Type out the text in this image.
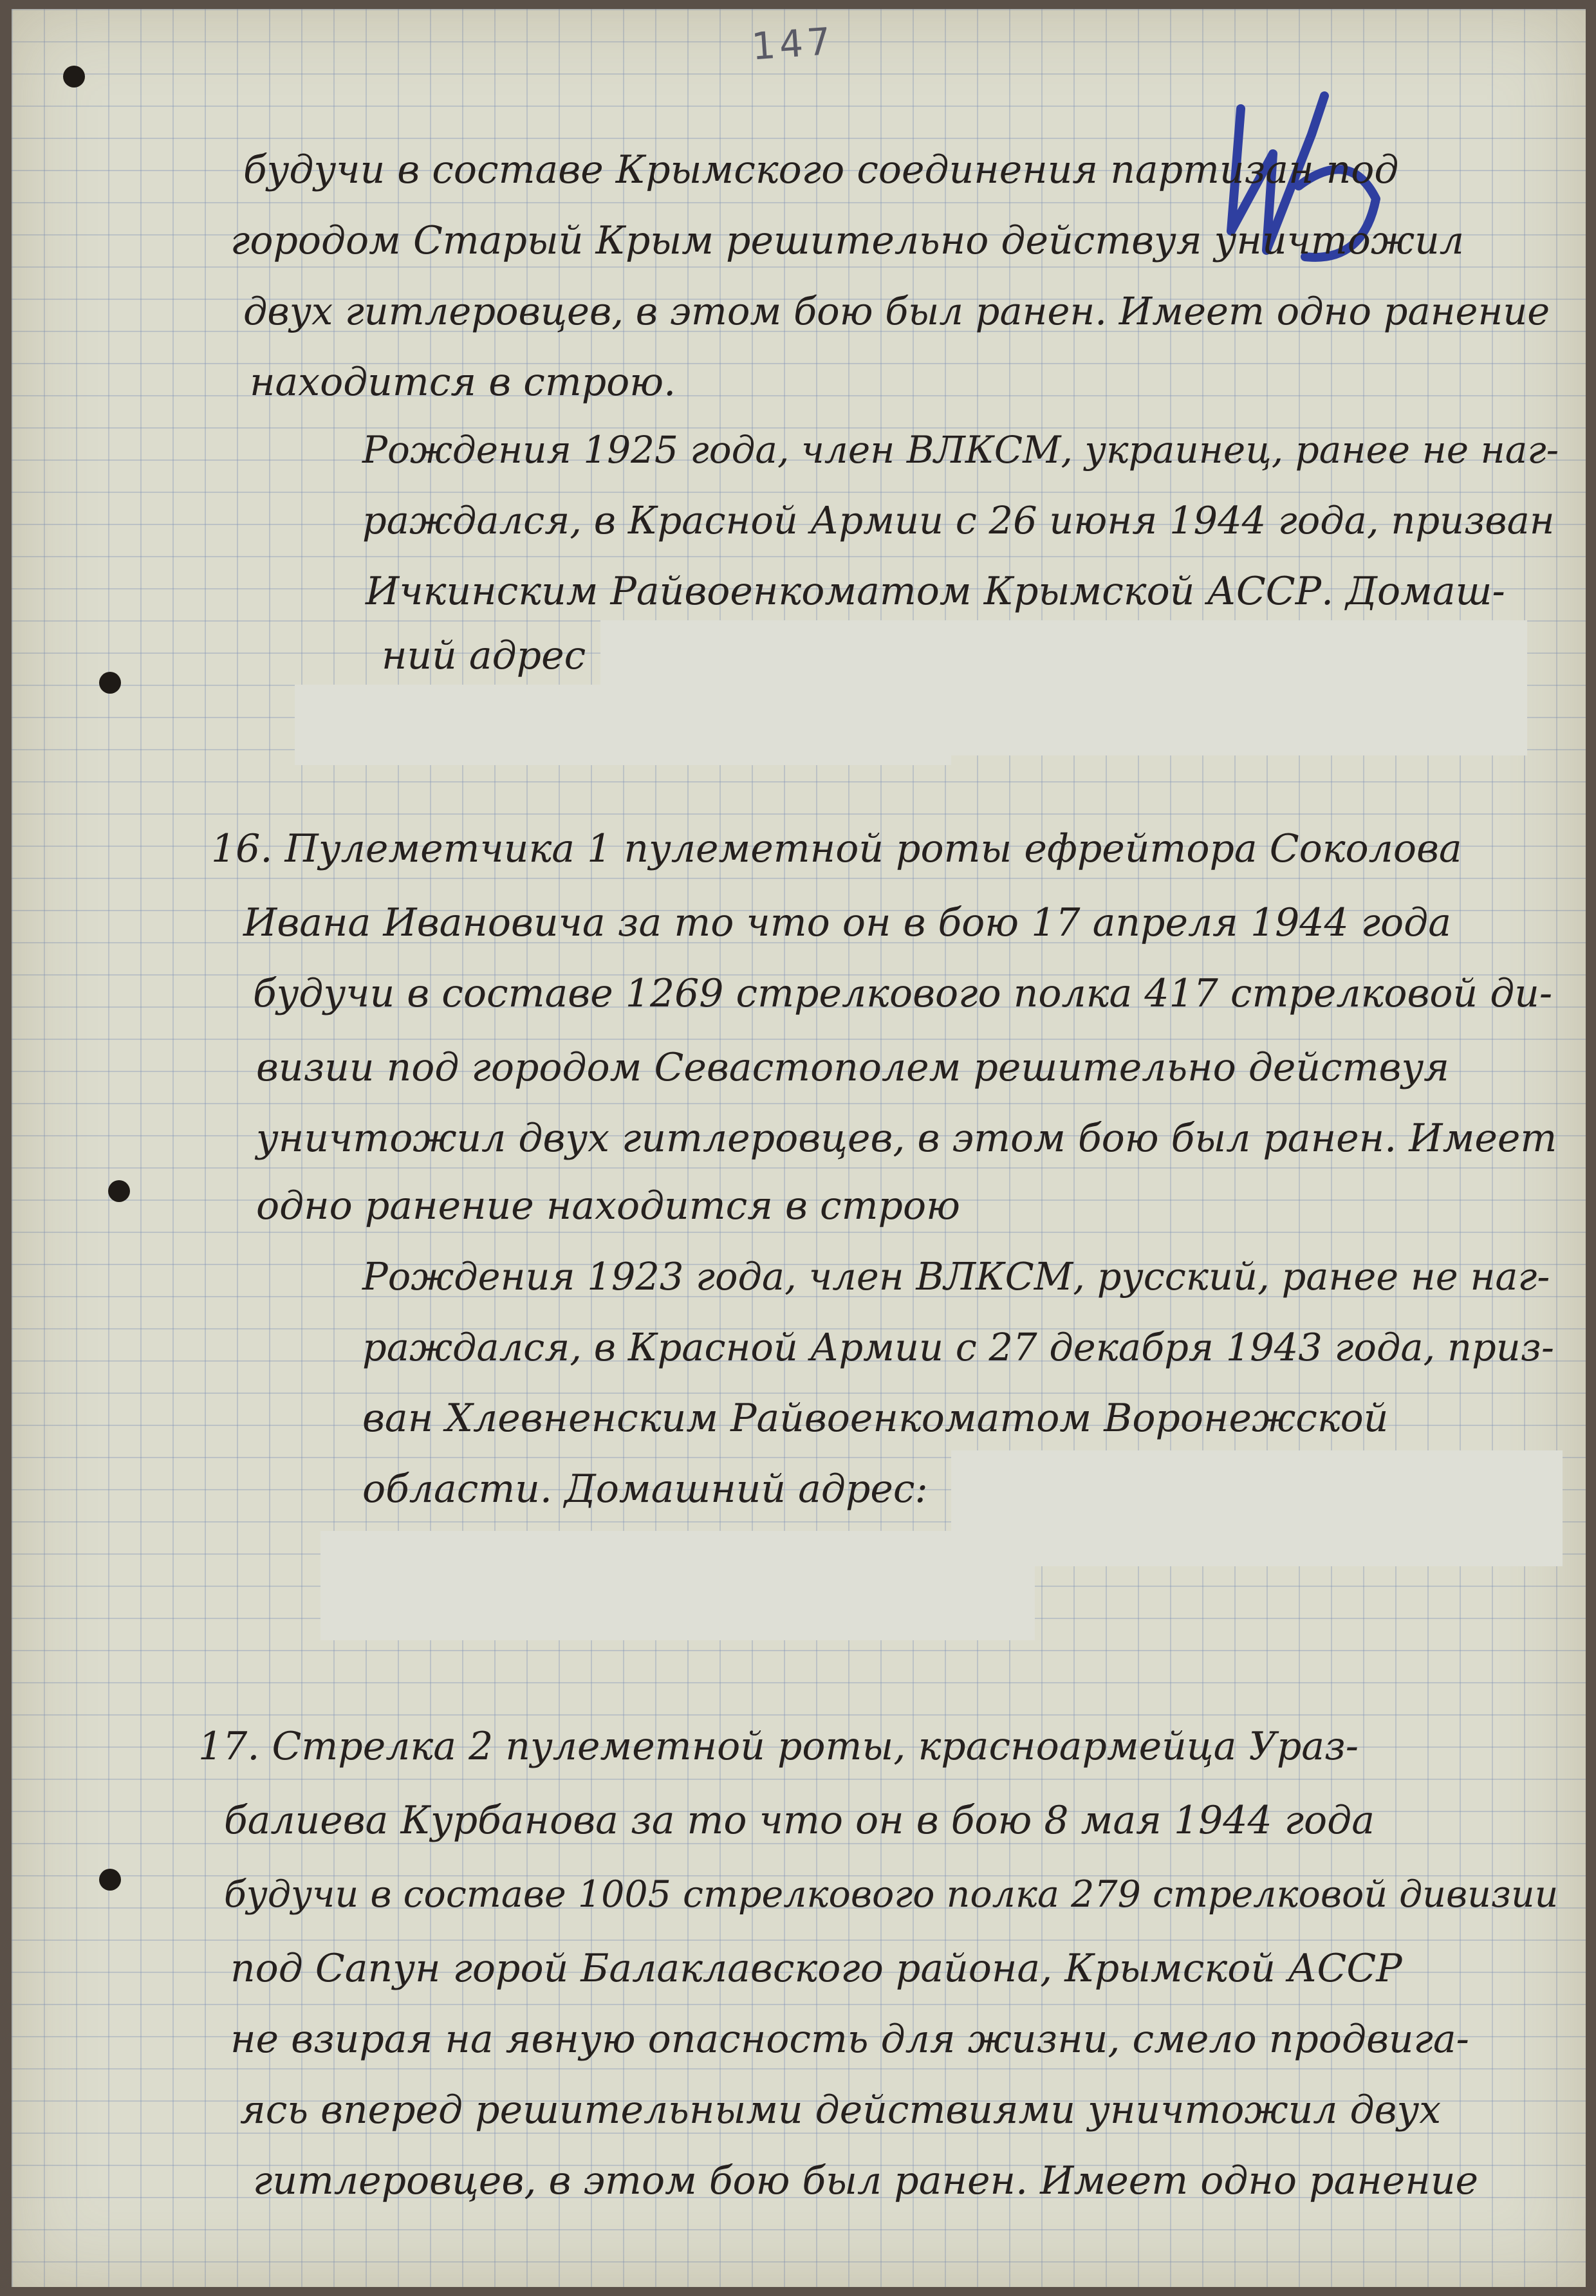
147

будучи в составе Крымского соединения партизан под

городом Старый Крым решительно действуя уничтожил

двух гитлеровцев, в этом бою был ранен. Имеет одно ранение

находится в строю.

Рождения 1925 года, член ВЛКСМ, украинец, ранее не наг-

раждался, в Красной Армии с 26 июня 1944 года, призван

Ичкинским Райвоенкоматом Крымской АССР. Домаш-

ний адрес

16. Пулеметчика 1 пулеметной роты ефрейтора Соколова

Ивана Ивановича за то что он в бою 17 апреля 1944 года

будучи в составе 1269 стрелкового полка 417 стрелковой ди-

визии под городом Севастополем решительно действуя

уничтожил двух гитлеровцев, в этом бою был ранен. Имеет

одно ранение находится в строю

Рождения 1923 года, член ВЛКСМ, русский, ранее не наг-

раждался, в Красной Армии с 27 декабря 1943 года, приз-

ван Хлевненским Райвоенкоматом Воронежской

области. Домашний адрес:

17. Стрелка 2 пулеметной роты, красноармейца Ураз-

балиева Курбанова за то что он в бою 8 мая 1944 года

будучи в составе 1005 стрелкового полка 279 стрелковой дивизии

под Сапун горой Балаклавского района, Крымской АССР

не взирая на явную опасность для жизни, смело продвига-

ясь вперед решительными действиями уничтожил двух

гитлеровцев, в этом бою был ранен. Имеет одно ранение
